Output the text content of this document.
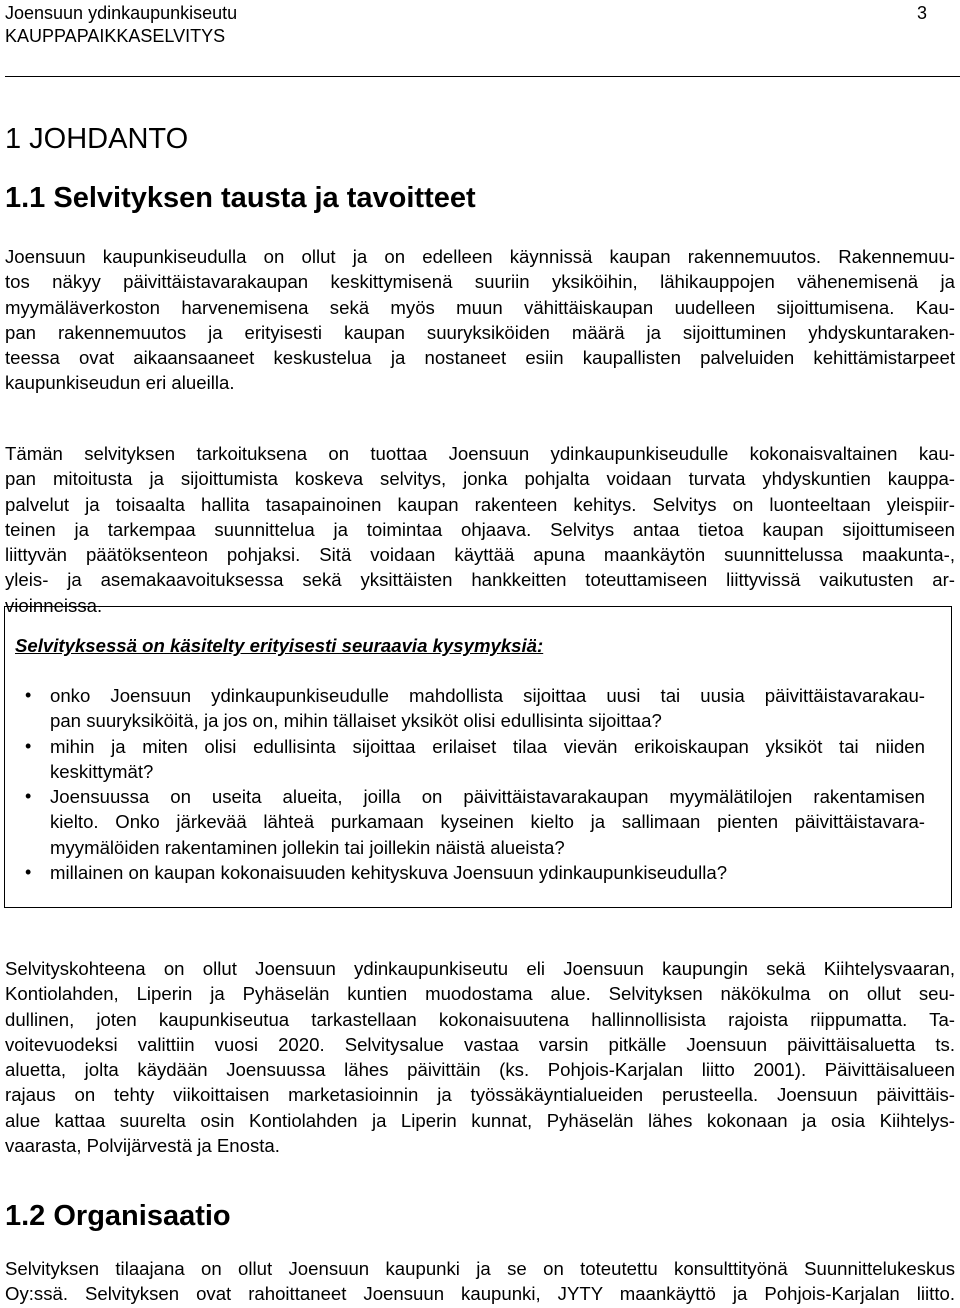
Joensuun ydinkaupunkiseutu
KAUPPAPAIKKASELVITYS
3
1 JOHDANTO
1.1 Selvityksen tausta ja tavoitteet
Joensuun kaupunkiseudulla on ollut ja on edelleen käynnissä kaupan rakennemuutos. Rakennemuu-
tos näkyy päivittäistavarakaupan keskittymisenä suuriin yksiköihin, lähikauppojen vähenemisenä ja
myymäläverkoston harvenemisena sekä myös muun vähittäiskaupan uudelleen sijoittumisena. Kau-
pan rakennemuutos ja erityisesti kaupan suuryksiköiden määrä ja sijoittuminen yhdyskuntaraken-
teessa ovat aikaansaaneet keskustelua ja nostaneet esiin kaupallisten palveluiden kehittämistarpeet
kaupunkiseudun eri alueilla.
Tämän selvityksen tarkoituksena on tuottaa Joensuun ydinkaupunkiseudulle kokonaisvaltainen kau-
pan mitoitusta ja sijoittumista koskeva selvitys, jonka pohjalta voidaan turvata yhdyskuntien kauppa-
palvelut ja toisaalta hallita tasapainoinen kaupan rakenteen kehitys. Selvitys on luonteeltaan yleispiir-
teinen ja tarkempaa suunnittelua ja toimintaa ohjaava. Selvitys antaa tietoa kaupan sijoittumiseen
liittyvän päätöksenteon pohjaksi. Sitä voidaan käyttää apuna maankäytön suunnittelussa maakunta-,
yleis- ja asemakaavoituksessa sekä yksittäisten hankkeitten toteuttamiseen liittyvissä vaikutusten ar-
vioinneissa.
Selvityksessä on käsitelty erityisesti seuraavia kysymyksiä:
• onko Joensuun ydinkaupunkiseudulle mahdollista sijoittaa uusi tai uusia päivittäistavarakau-
pan suuryksiköitä, ja jos on, mihin tällaiset yksiköt olisi edullisinta sijoittaa?
• mihin ja miten olisi edullisinta sijoittaa erilaiset tilaa vievän erikoiskaupan yksiköt tai niiden
keskittymät?
• Joensuussa on useita alueita, joilla on päivittäistavarakaupan myymälätilojen rakentamisen
kielto. Onko järkevää lähteä purkamaan kyseinen kielto ja sallimaan pienten päivittäistavara-
myymälöiden rakentaminen jollekin tai joillekin näistä alueista?
• millainen on kaupan kokonaisuuden kehityskuva Joensuun ydinkaupunkiseudulla?
Selvityskohteena on ollut Joensuun ydinkaupunkiseutu eli Joensuun kaupungin sekä Kiihtelysvaaran,
Kontiolahden, Liperin ja Pyhäselän kuntien muodostama alue. Selvityksen näkökulma on ollut seu-
dullinen, joten kaupunkiseutua tarkastellaan kokonaisuutena hallinnollisista rajoista riippumatta. Ta-
voitevuodeksi valittiin vuosi 2020. Selvitysalue vastaa varsin pitkälle Joensuun päivittäisaluetta ts.
aluetta, jolta käydään Joensuussa lähes päivittäin (ks. Pohjois-Karjalan liitto 2001). Päivittäisalueen
rajaus on tehty viikoittaisen marketasioinnin ja työssäkäyntialueiden perusteella. Joensuun päivittäis-
alue kattaa suurelta osin Kontiolahden ja Liperin kunnat, Pyhäselän lähes kokonaan ja osia Kiihtelys-
vaarasta, Polvijärvestä ja Enosta.
1.2 Organisaatio
Selvityksen tilaajana on ollut Joensuun kaupunki ja se on toteutettu konsulttityönä Suunnittelukeskus
Oy:ssä. Selvityksen ovat rahoittaneet Joensuun kaupunki, JYTY maankäyttö ja Pohjois-Karjalan liitto.
